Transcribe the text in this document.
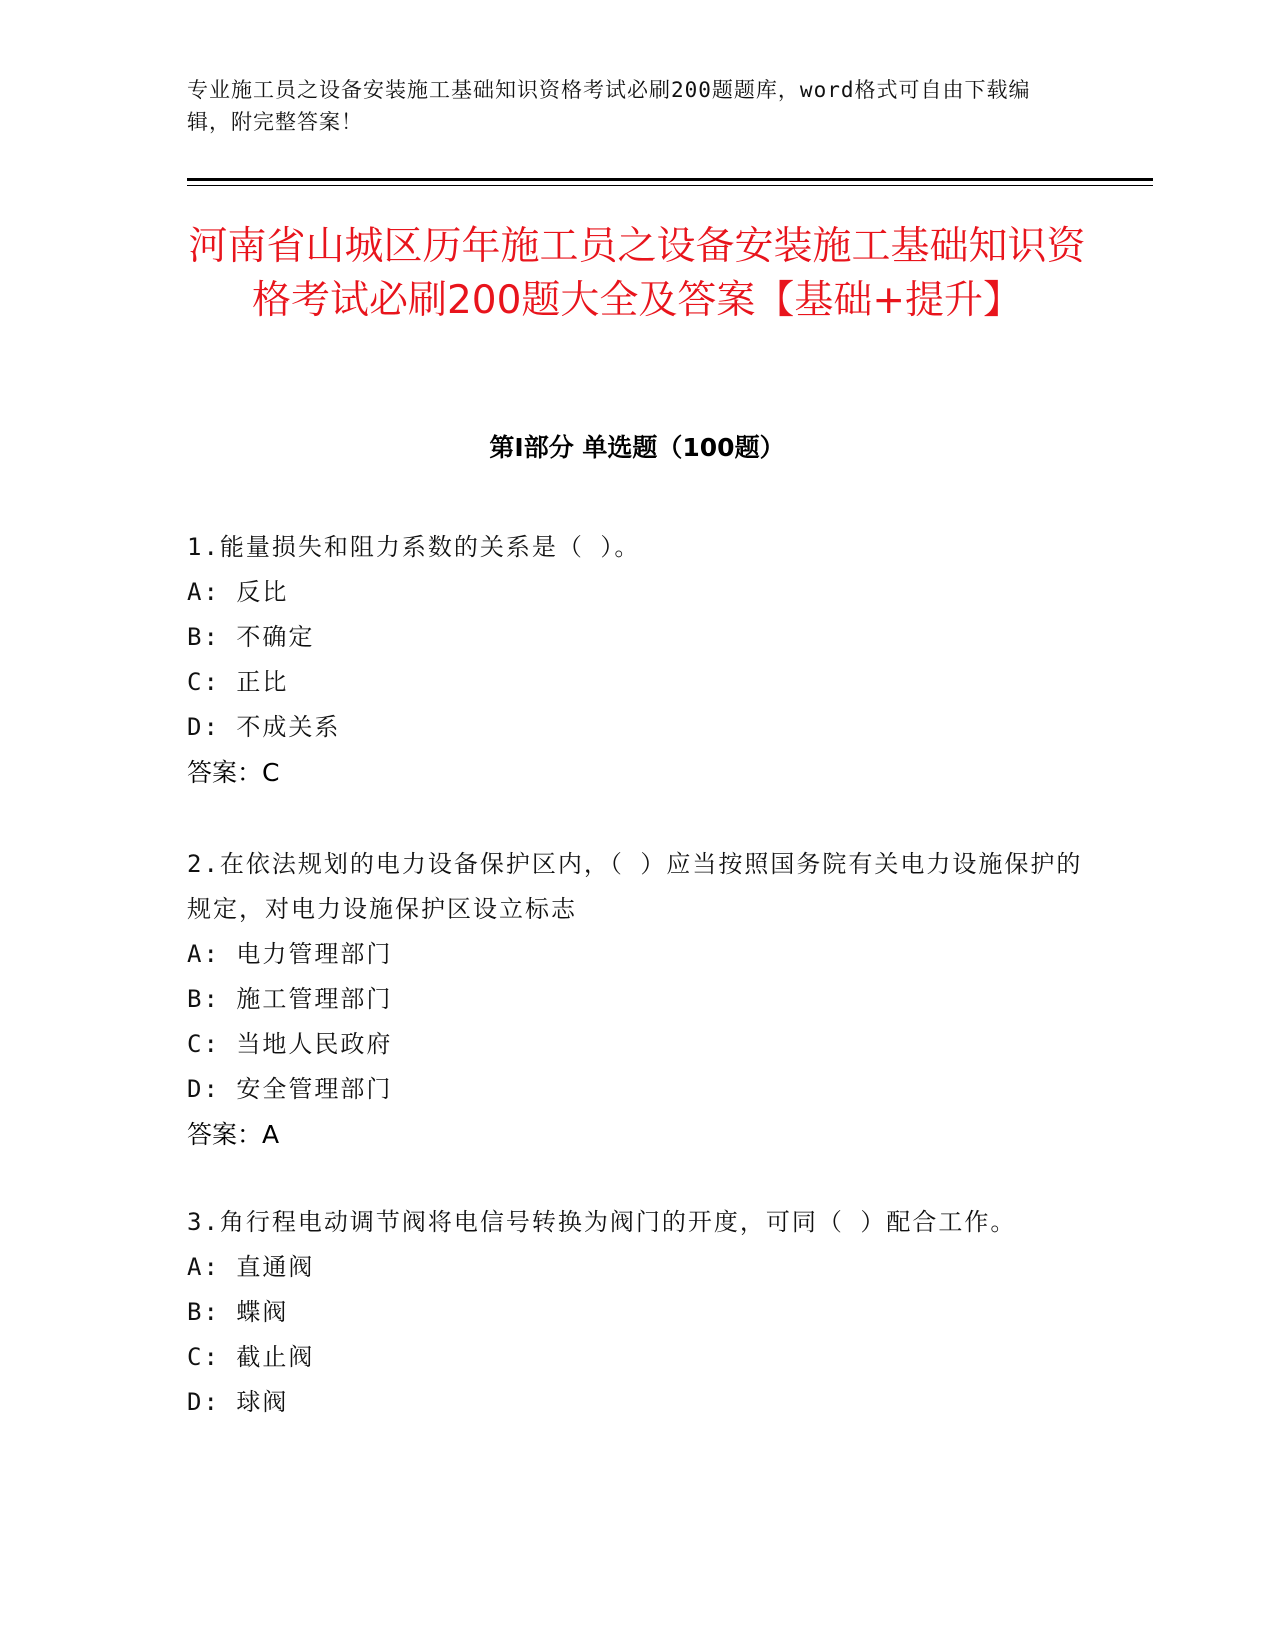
专业施工员之设备安装施工基础知识资格考试必刷200题题库，word格式可自由下载编辑，附完整答案！

河南省山城区历年施工员之设备安装施工基础知识资格考试必刷200题大全及答案【基础+提升】
第I部分 单选题（100题）

1.能量损失和阻力系数的关系是（ ）。

A: 反比

B: 不确定

C: 正比

D: 不成关系

答案：C

2.在依法规划的电力设备保护区内，（ ）应当按照国务院有关电力设施保护的规定，对电力设施保护区设立标志

A: 电力管理部门

B: 施工管理部门

C: 当地人民政府

D: 安全管理部门

答案：A

3.角行程电动调节阀将电信号转换为阀门的开度，可同（ ）配合工作。

A: 直通阀

B: 蝶阀

C: 截止阀

D: 球阀
